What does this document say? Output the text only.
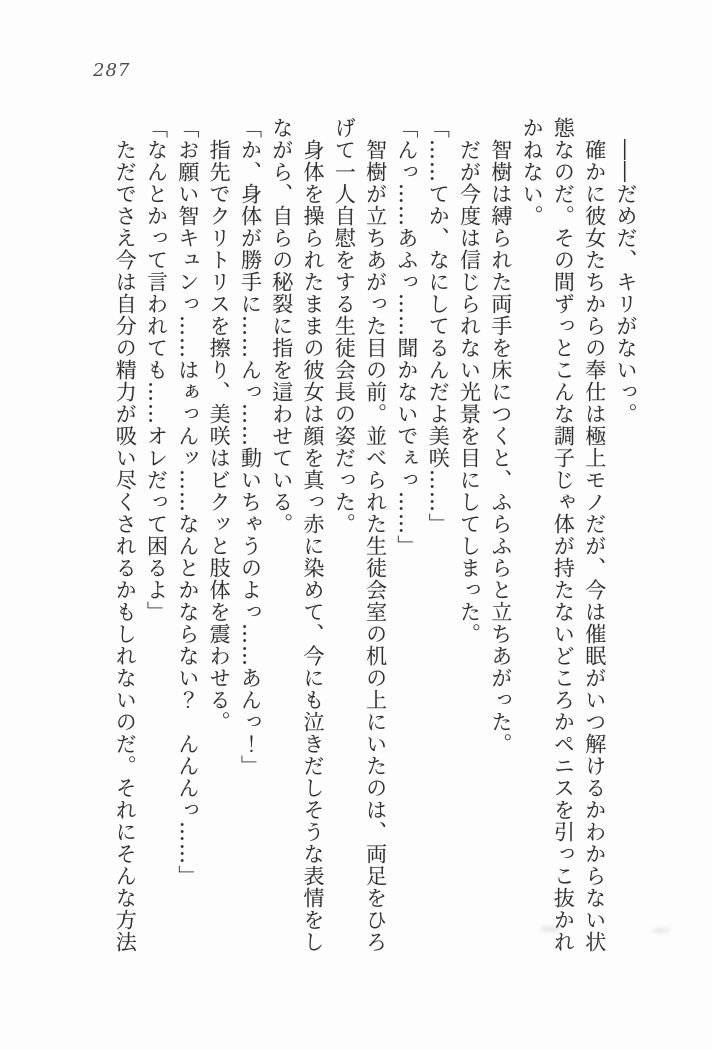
287

――だめだ、キリがないっ。

確かに彼女たちからの奉仕は極上モノだが、今は催眠がいつ解けるかわからない状態なのだ。その間ずっとこんな調子じゃ体が持たないどころかペニスを引っこ抜かれかねない。

智樹は縛られた両手を床につくと、ふらふらと立ちあがった。

だが今度は信じられない光景を目にしてしまった。

「……てか、なにしてるんだよ美咲……」

「んっ……あふっ……聞かないでぇっ……」

智樹が立ちあがった目の前。並べられた生徒会室の机の上にいたのは、両足をひろげて一人自慰をする生徒会長の姿だった。

身体を操られたままの彼女は顔を真っ赤に染めて、今にも泣きだしそうな表情をしながら、自らの秘裂に指を這わせている。

「か、身体が勝手に……んっ……動いちゃうのよっ……あんっ！」

指先でクリトリスを擦り、美咲はビクッと肢体を震わせる。

「お願い智キュンっ……はぁっんッ……なんとかならない？　んんんっ……」

「なんとかって言われても……オレだって困るよ」

ただでさえ今は自分の精力が吸い尽くされるかもしれないのだ。それにそんな方法
